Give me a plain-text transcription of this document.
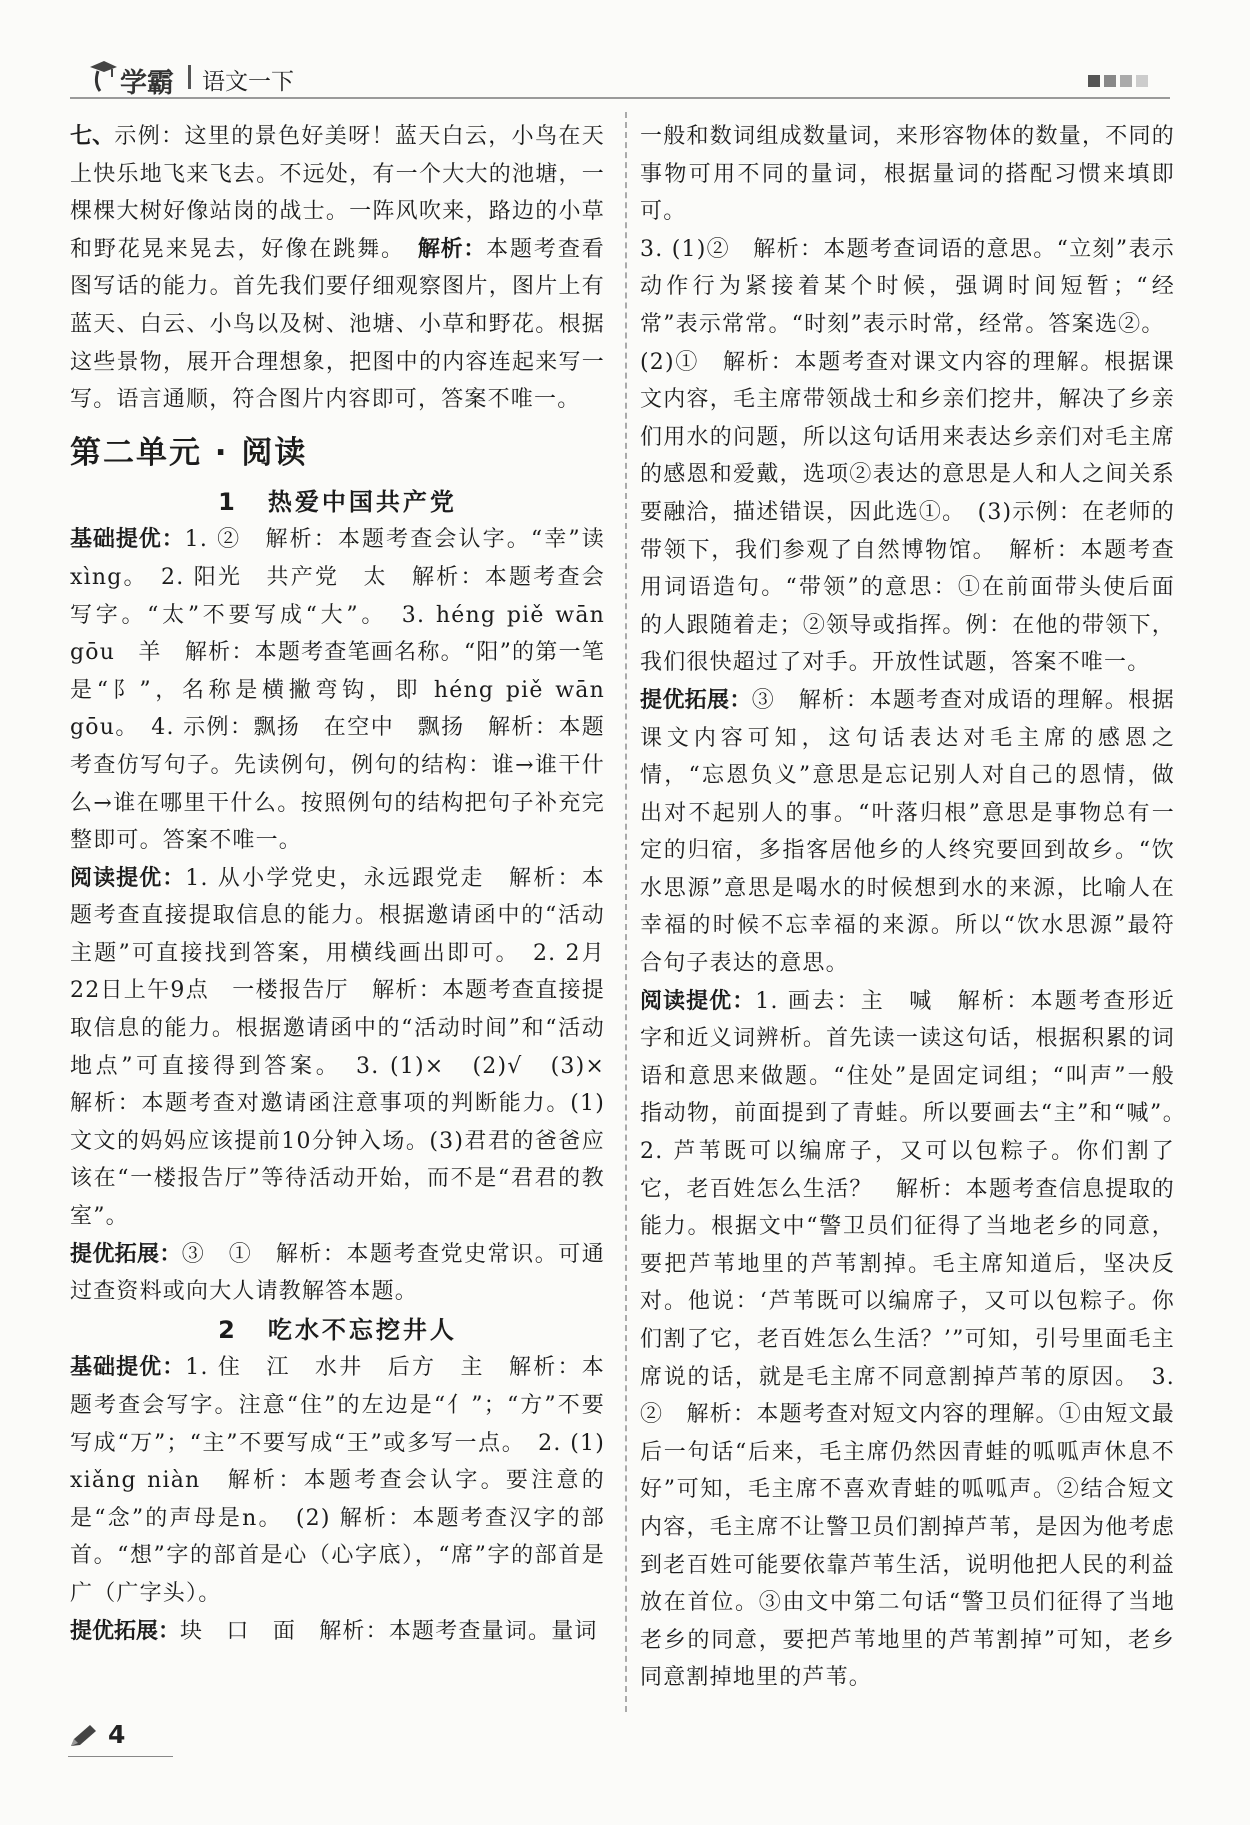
学霸 语文一下

七、示例：这里的景色好美呀！蓝天白云，小鸟在天上快乐地飞来飞去。不远处，有一个大大的池塘，一棵棵大树好像站岗的战士。一阵风吹来，路边的小草和野花晃来晃去，好像在跳舞。　 解析：本题考查看图写话的能力。首先我们要仔细观察图片，图片上有蓝天、白云、小鸟以及树、池塘、小草和野花。根据这些景物，展开合理想象，把图中的内容连起来写一写。语言通顺，符合图片内容即可，答案不唯一。

第二单元 · 阅读

1 热爱中国共产党

基础提优：1. ②　解析：本题考查会认字。“幸”读xìng。　2. 阳光　共产党　太　解析：本题考查会写字。“太”不要写成“大”。　3. héng piě wān gōu　羊　解析：本题考查笔画名称。“阳”的第一笔是“阝”，名称是横撇弯钩，即 héng piě wān gōu。　4. 示例：飘扬　在空中　飘扬　解析：本题考查仿写句子。先读例句，例句的结构：谁→谁干什么→谁在哪里干什么。按照例句的结构把句子补充完整即可。答案不唯一。

阅读提优：1. 从小学党史，永远跟党走　解析：本题考查直接提取信息的能力。根据邀请函中的“活动主题”可直接找到答案，用横线画出即可。　2. 2月22日上午9点　一楼报告厅　解析：本题考查直接提取信息的能力。根据邀请函中的“活动时间”和“活动地点”可直接得到答案。　3. (1)×　(2)√　(3)×　解析：本题考查对邀请函注意事项的判断能力。(1)文文的妈妈应该提前10分钟入场。(3)君君的爸爸应该在“一楼报告厅”等待活动开始，而不是“君君的教室”。

提优拓展：③　①　解析：本题考查党史常识。可通过查资料或向大人请教解答本题。

2 吃水不忘挖井人

基础提优：1. 住　江　水井　后方　主　解析：本题考查会写字。注意“住”的左边是“亻”；“方”不要写成“万”；“主”不要写成“王”或多写一点。　2. (1) xiǎng niàn　解析：本题考查会认字。要注意的是“念”的声母是n。　(2) 解析：本题考查汉字的部首。“想”字的部首是心（心字底），“席”字的部首是广（广字头）。

提优拓展：块　口　面　解析：本题考查量词。量词

一般和数词组成数量词，来形容物体的数量，不同的事物可用不同的量词，根据量词的搭配习惯来填即可。

3. (1)②　解析：本题考查词语的意思。“立刻”表示动作行为紧接着某个时候，强调时间短暂；“经常”表示常常。“时刻”表示时常，经常。答案选②。

(2)①　解析：本题考查对课文内容的理解。根据课文内容，毛主席带领战士和乡亲们挖井，解决了乡亲们用水的问题，所以这句话用来表达乡亲们对毛主席的感恩和爱戴，选项②表达的意思是人和人之间关系要融洽，描述错误，因此选①。　(3)示例：在老师的带领下，我们参观了自然博物馆。　解析：本题考查用词语造句。“带领”的意思：①在前面带头使后面的人跟随着走；②领导或指挥。例：在他的带领下，我们很快超过了对手。开放性试题，答案不唯一。

提优拓展：③　解析：本题考查对成语的理解。根据课文内容可知，这句话表达对毛主席的感恩之情，“忘恩负义”意思是忘记别人对自己的恩情，做出对不起别人的事。“叶落归根”意思是事物总有一定的归宿，多指客居他乡的人终究要回到故乡。“饮水思源”意思是喝水的时候想到水的来源，比喻人在幸福的时候不忘幸福的来源。所以“饮水思源”最符合句子表达的意思。

阅读提优：1. 画去：主　喊　解析：本题考查形近字和近义词辨析。首先读一读这句话，根据积累的词语和意思来做题。“住处”是固定词组；“叫声”一般指动物，前面提到了青蛙。所以要画去“主”和“喊”。　2. 芦苇既可以编席子，又可以包粽子。你们割了它，老百姓怎么生活？　解析：本题考查信息提取的能力。根据文中“警卫员们征得了当地老乡的同意，要把芦苇地里的芦苇割掉。毛主席知道后，坚决反对。他说：‘芦苇既可以编席子，又可以包粽子。你们割了它，老百姓怎么生活？’”可知，引号里面毛主席说的话，就是毛主席不同意割掉芦苇的原因。　3. ②　解析：本题考查对短文内容的理解。①由短文最后一句话“后来，毛主席仍然因青蛙的呱呱声休息不好”可知，毛主席不喜欢青蛙的呱呱声。②结合短文内容，毛主席不让警卫员们割掉芦苇，是因为他考虑到老百姓可能要依靠芦苇生活，说明他把人民的利益放在首位。③由文中第二句话“警卫员们征得了当地老乡的同意，要把芦苇地里的芦苇割掉”可知，老乡同意割掉地里的芦苇。

4
